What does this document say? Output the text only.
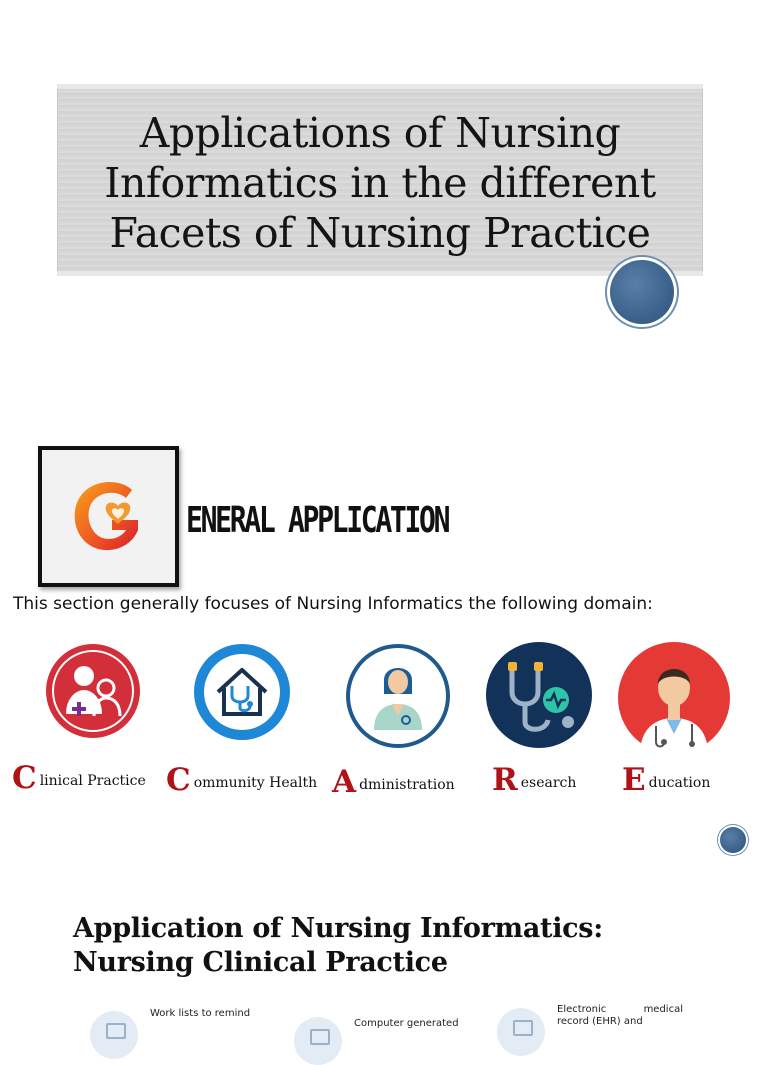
Applications of Nursing
Informatics in the different
Facets of Nursing Practice
ENERAL APPLICATION
This section generally focuses of Nursing Informatics the following domain:
Clinical Practice Community Health Administration Research Education
Application of Nursing Informatics:
Nursing Clinical Practice
Work lists to remind
Computer generated
Electronic medical record (EHR) and
